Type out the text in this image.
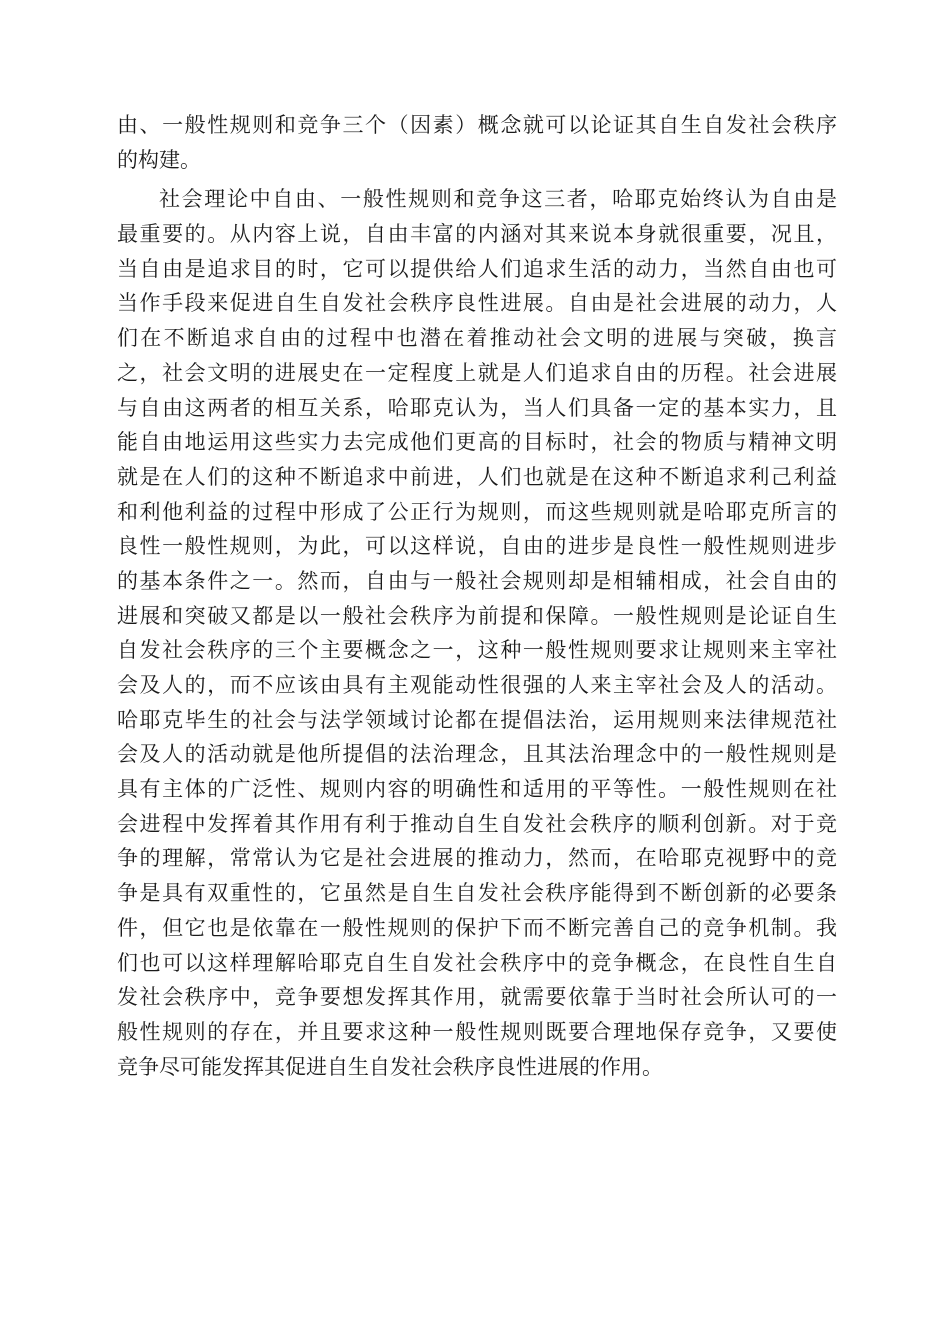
由、一般性规则和竞争三个（因素）概念就可以论证其自生自发社会秩序
的构建。
社会理论中自由、一般性规则和竞争这三者，哈耶克始终认为自由是
最重要的。从内容上说，自由丰富的内涵对其来说本身就很重要，况且，
当自由是追求目的时，它可以提供给人们追求生活的动力，当然自由也可
当作手段来促进自生自发社会秩序良性进展。自由是社会进展的动力，人
们在不断追求自由的过程中也潜在着推动社会文明的进展与突破，换言
之，社会文明的进展史在一定程度上就是人们追求自由的历程。社会进展
与自由这两者的相互关系，哈耶克认为，当人们具备一定的基本实力，且
能自由地运用这些实力去完成他们更高的目标时，社会的物质与精神文明
就是在人们的这种不断追求中前进，人们也就是在这种不断追求利己利益
和利他利益的过程中形成了公正行为规则，而这些规则就是哈耶克所言的
良性一般性规则，为此，可以这样说，自由的进步是良性一般性规则进步
的基本条件之一。然而，自由与一般社会规则却是相辅相成，社会自由的
进展和突破又都是以一般社会秩序为前提和保障。一般性规则是论证自生
自发社会秩序的三个主要概念之一，这种一般性规则要求让规则来主宰社
会及人的，而不应该由具有主观能动性很强的人来主宰社会及人的活动。
哈耶克毕生的社会与法学领域讨论都在提倡法治，运用规则来法律规范社
会及人的活动就是他所提倡的法治理念，且其法治理念中的一般性规则是
具有主体的广泛性、规则内容的明确性和适用的平等性。一般性规则在社
会进程中发挥着其作用有利于推动自生自发社会秩序的顺利创新。对于竞
争的理解，常常认为它是社会进展的推动力，然而，在哈耶克视野中的竞
争是具有双重性的，它虽然是自生自发社会秩序能得到不断创新的必要条
件，但它也是依靠在一般性规则的保护下而不断完善自己的竞争机制。我
们也可以这样理解哈耶克自生自发社会秩序中的竞争概念，在良性自生自
发社会秩序中，竞争要想发挥其作用，就需要依靠于当时社会所认可的一
般性规则的存在，并且要求这种一般性规则既要合理地保存竞争，又要使
竞争尽可能发挥其促进自生自发社会秩序良性进展的作用。
